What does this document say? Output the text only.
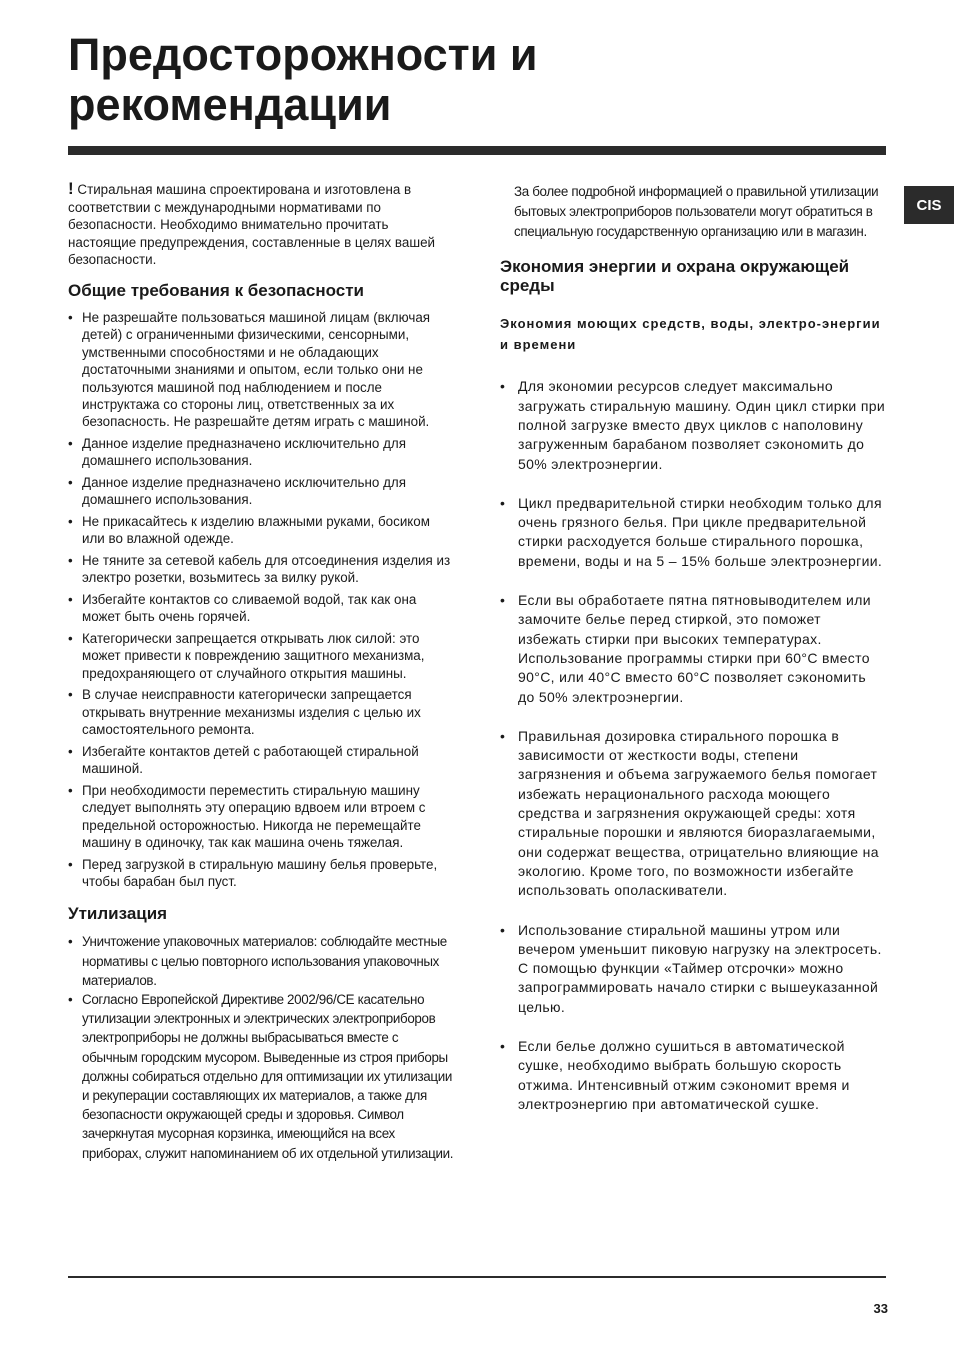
Предосторожности и
рекомендации
CIS

! Стиральная машина спроектирована и изготовлена в соответствии с международными нормативами по безопасности. Необходимо внимательно прочитать настоящие предупреждения, составленные в целях вашей безопасности.

Общие требования к безопасности
• Не разрешайте пользоваться машиной лицам (включая детей) с ограниченными физическими, сенсорными, умственными способностями и не обладающих достаточными знаниями и опытом, если только они не пользуются машиной под наблюдением и после инструктажа со стороны лиц, ответственных за их безопасность. Не разрешайте детям играть с машиной.
• Данное изделие предназначено исключительно для домашнего использования.
• Данное изделие предназначено исключительно для домашнего использования.
• Не прикасайтесь к изделию влажными руками, босиком или во влажной одежде.
• Не тяните за сетевой кабель для отсоединения изделия из электро розетки, возьмитесь за вилку рукой.
• Избегайте контактов со сливаемой водой, так как она может быть очень горячей.
• Категорически запрещается открывать люк силой: это может привести к повреждению защитного механизма, предохраняющего от случайного открытия машины.
• В случае неисправности категорически запрещается открывать внутренние механизмы изделия с целью их самостоятельного ремонта.
• Избегайте контактов детей с работающей стиральной машиной.
• При необходимости переместить стиральную машину следует выполнять эту операцию вдвоем или втроем с предельной осторожностью. Никогда не перемещайте машину в одиночку, так как машина очень тяжелая.
• Перед загрузкой в стиральную машину белья проверьте, чтобы барабан был пуст.
Утилизация
• Уничтожение упаковочных материалов: соблюдайте местные нормативы с целью повторного использования упаковочных материалов.
• Согласно Европейской Директиве 2002/96/CE касательно утилизации электронных и электрических электроприборов электроприборы не должны выбрасываться вместе с обычным городским мусором. Выведенные из строя приборы должны собираться отдельно для оптимизации их утилизации и рекуперации составляющих их материалов, а также для безопасности окружающей среды и здоровья. Символ зачеркнутая мусорная корзинка, имеющийся на всех приборах, служит напоминанием об их отдельной утилизации.

За более подробной информацией о правильной утилизации бытовых электроприборов пользователи могут обратиться в специальную государственную организацию или в магазин.

Экономия энергии и охрана окружающей среды
Экономия моющих средств, воды, электро-энергии и времени
• Для экономии ресурсов следует максимально загружать стиральную машину. Один цикл стирки при полной загрузке вместо двух циклов с наполовину загруженным барабаном позволяет сэкономить до 50% электроэнергии.
• Цикл предварительной стирки необходим только для очень грязного белья. При цикле предварительной стирки расходуется больше стирального порошка, времени, воды и на 5 – 15% больше электроэнергии.
• Если вы обработаете пятна пятновыводителем или замочите белье перед стиркой, это поможет избежать стирки при высоких температурах. Использование программы стирки при 60°С вместо 90°С, или 40°С вместо 60°С позволяет сэкономить до 50% электроэнергии.
• Правильная дозировка стирального порошка в зависимости от жесткости воды, степени загрязнения и объема загружаемого белья помогает избежать нерационального расхода моющего средства и загрязнения окружающей среды: хотя стиральные порошки и являются биоразлагаемыми, они содержат вещества, отрицательно влияющие на экологию. Кроме того, по возможности избегайте использовать ополаскиватели.
• Использование стиральной машины утром или вечером уменьшит пиковую нагрузку на электросеть. С помощью функции «Таймер отсрочки» можно запрограммировать начало стирки с вышеуказанной целью.
• Если белье должно сушиться в автоматической сушке, необходимо выбрать большую скорость отжима. Интенсивный отжим сэкономит время и электроэнергию при автоматической сушке.
33
